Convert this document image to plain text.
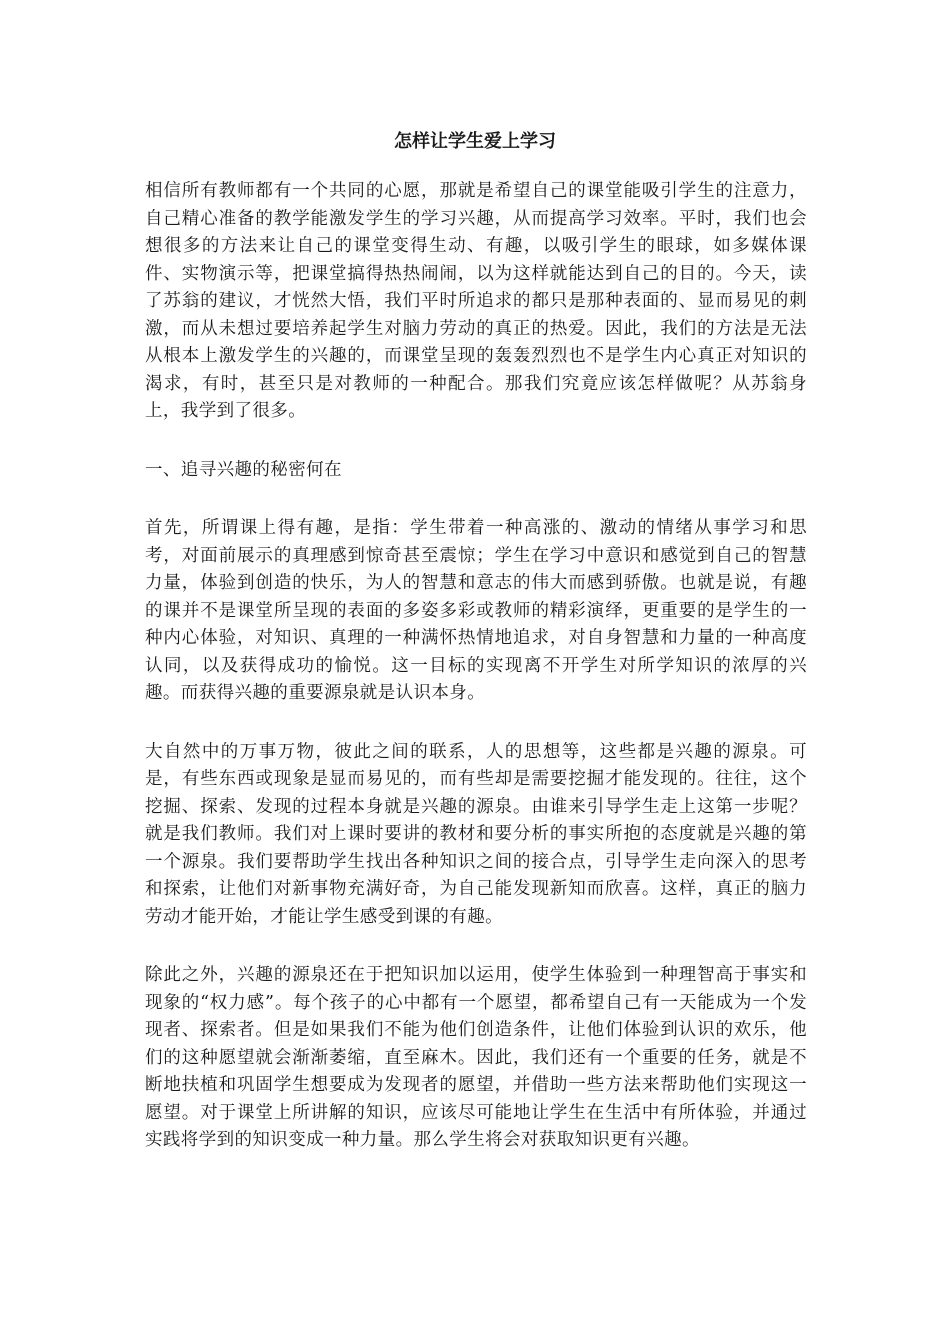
怎样让学生爱上学习

相信所有教师都有一个共同的心愿，那就是希望自己的课堂能吸引学生的注意力，自己精心准备的教学能激发学生的学习兴趣，从而提高学习效率。平时，我们也会想很多的方法来让自己的课堂变得生动、有趣，以吸引学生的眼球，如多媒体课件、实物演示等，把课堂搞得热热闹闹，以为这样就能达到自己的目的。今天，读了苏翁的建议，才恍然大悟，我们平时所追求的都只是那种表面的、显而易见的刺激，而从未想过要培养起学生对脑力劳动的真正的热爱。因此，我们的方法是无法从根本上激发学生的兴趣的，而课堂呈现的轰轰烈烈也不是学生内心真正对知识的渴求，有时，甚至只是对教师的一种配合。那我们究竟应该怎样做呢？从苏翁身上，我学到了很多。

一、追寻兴趣的秘密何在

首先，所谓课上得有趣，是指：学生带着一种高涨的、激动的情绪从事学习和思考，对面前展示的真理感到惊奇甚至震惊；学生在学习中意识和感觉到自己的智慧力量，体验到创造的快乐，为人的智慧和意志的伟大而感到骄傲。也就是说，有趣的课并不是课堂所呈现的表面的多姿多彩或教师的精彩演绎，更重要的是学生的一种内心体验，对知识、真理的一种满怀热情地追求，对自身智慧和力量的一种高度认同，以及获得成功的愉悦。这一目标的实现离不开学生对所学知识的浓厚的兴趣。而获得兴趣的重要源泉就是认识本身。

大自然中的万事万物，彼此之间的联系，人的思想等，这些都是兴趣的源泉。可是，有些东西或现象是显而易见的，而有些却是需要挖掘才能发现的。往往，这个挖掘、探索、发现的过程本身就是兴趣的源泉。由谁来引导学生走上这第一步呢？就是我们教师。我们对上课时要讲的教材和要分析的事实所抱的态度就是兴趣的第一个源泉。我们要帮助学生找出各种知识之间的接合点，引导学生走向深入的思考和探索，让他们对新事物充满好奇，为自己能发现新知而欣喜。这样，真正的脑力劳动才能开始，才能让学生感受到课的有趣。

除此之外，兴趣的源泉还在于把知识加以运用，使学生体验到一种理智高于事实和现象的“权力感”。每个孩子的心中都有一个愿望，都希望自己有一天能成为一个发现者、探索者。但是如果我们不能为他们创造条件，让他们体验到认识的欢乐，他们的这种愿望就会渐渐萎缩，直至麻木。因此，我们还有一个重要的任务，就是不断地扶植和巩固学生想要成为发现者的愿望，并借助一些方法来帮助他们实现这一愿望。对于课堂上所讲解的知识，应该尽可能地让学生在生活中有所体验，并通过实践将学到的知识变成一种力量。那么学生将会对获取知识更有兴趣。
